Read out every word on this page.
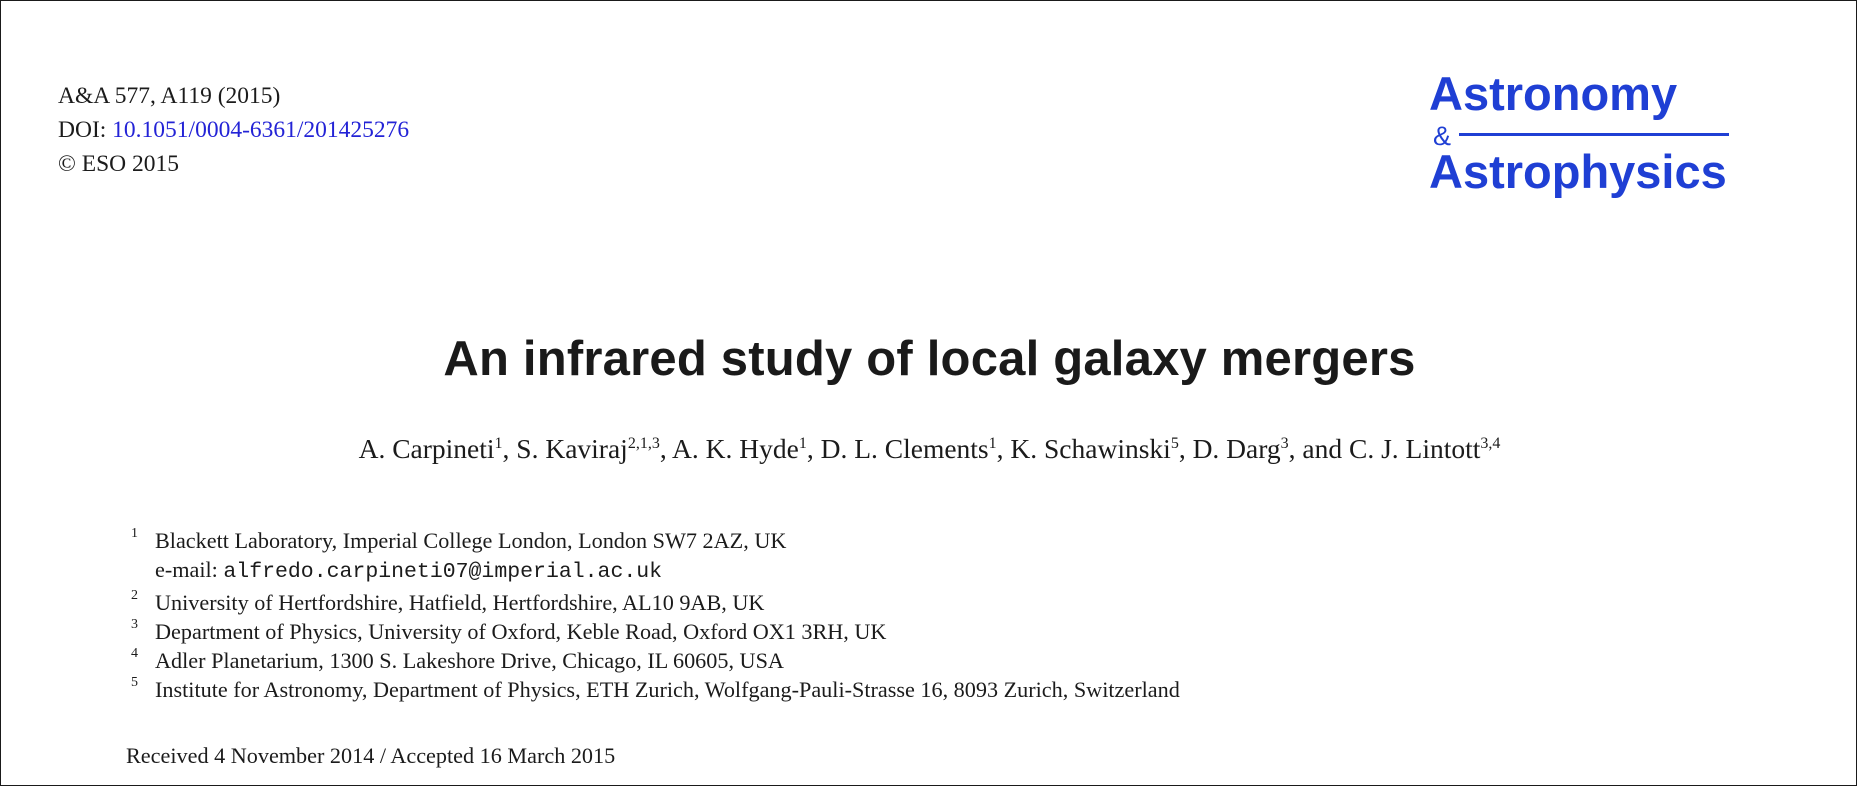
A&A 577, A119 (2015)
DOI: 10.1051/0004-6361/201425276
© ESO 2015
Astronomy
&
Astrophysics
An infrared study of local galaxy mergers
A. Carpineti$^1$, S. Kaviraj$^{2,1,3}$, A. K. Hyde$^1$, D. L. Clements$^1$, K. Schawinski$^5$, D. Darg$^3$, and C. J. Lintott$^{3,4}$
1 Blackett Laboratory, Imperial College London, London SW7 2AZ, UK
e-mail: alfredo.carpineti07@imperial.ac.uk
2 University of Hertfordshire, Hatfield, Hertfordshire, AL10 9AB, UK
3 Department of Physics, University of Oxford, Keble Road, Oxford OX1 3RH, UK
4 Adler Planetarium, 1300 S. Lakeshore Drive, Chicago, IL 60605, USA
5 Institute for Astronomy, Department of Physics, ETH Zurich, Wolfgang-Pauli-Strasse 16, 8093 Zurich, Switzerland
Received 4 November 2014 / Accepted 16 March 2015
